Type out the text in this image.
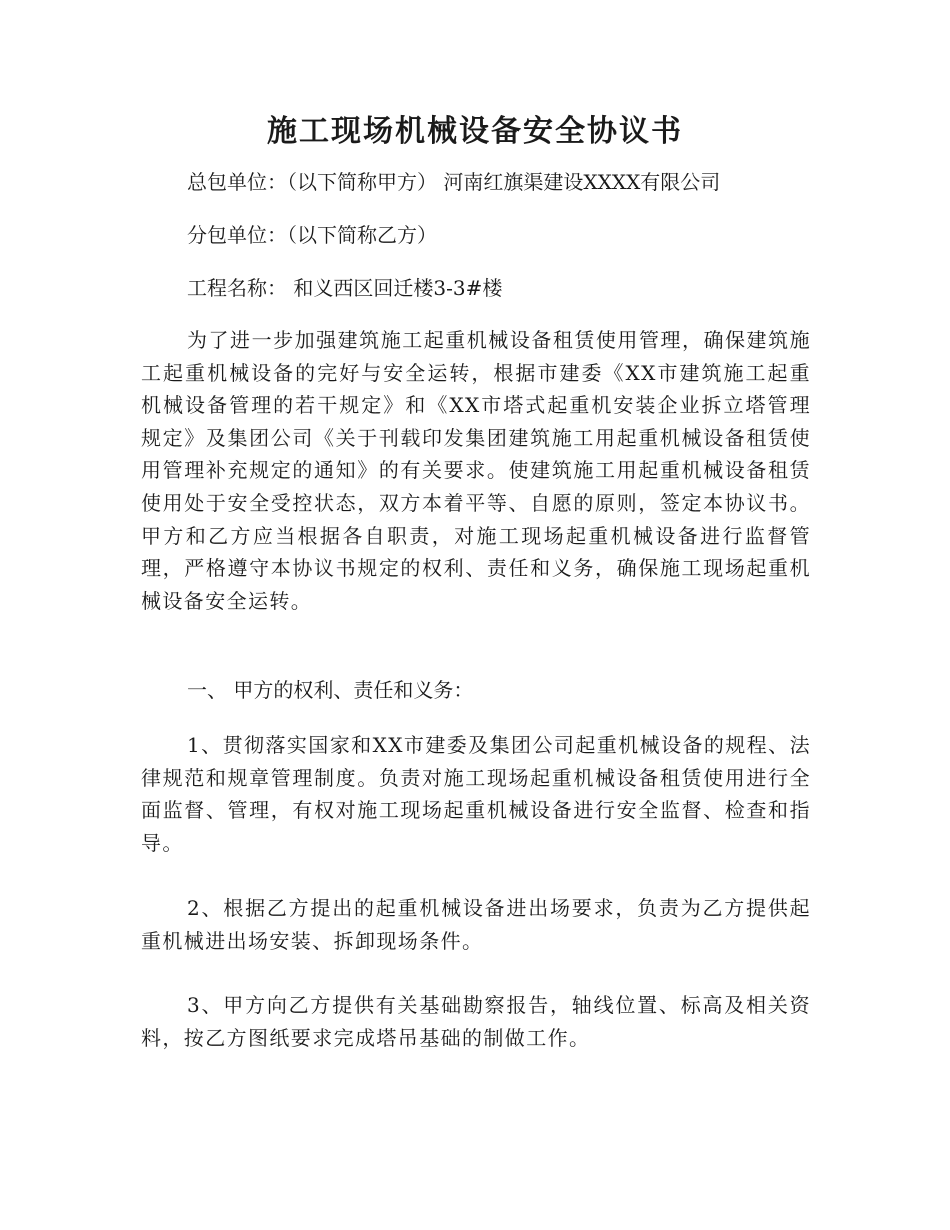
施工现场机械设备安全协议书
总包单位：（以下简称甲方） 河南红旗渠建设XXXX有限公司
分包单位：（以下简称乙方）
工程名称： 和义西区回迁楼3-3#楼
为了进一步加强建筑施工起重机械设备租赁使用管理，确保建筑施工起重机械设备的完好与安全运转，根据市建委《XX市建筑施工起重机械设备管理的若干规定》和《XX市塔式起重机安装企业拆立塔管理规定》及集团公司《关于刊载印发集团建筑施工用起重机械设备租赁使用管理补充规定的通知》的有关要求。使建筑施工用起重机械设备租赁使用处于安全受控状态，双方本着平等、自愿的原则，签定本协议书。甲方和乙方应当根据各自职责，对施工现场起重机械设备进行监督管理，严格遵守本协议书规定的权利、责任和义务，确保施工现场起重机械设备安全运转。
一、 甲方的权利、责任和义务：
1、贯彻落实国家和XX市建委及集团公司起重机械设备的规程、法律规范和规章管理制度。负责对施工现场起重机械设备租赁使用进行全面监督、管理，有权对施工现场起重机械设备进行安全监督、检查和指导。
2、根据乙方提出的起重机械设备进出场要求，负责为乙方提供起重机械进出场安装、拆卸现场条件。
3、甲方向乙方提供有关基础勘察报告，轴线位置、标高及相关资料，按乙方图纸要求完成塔吊基础的制做工作。
